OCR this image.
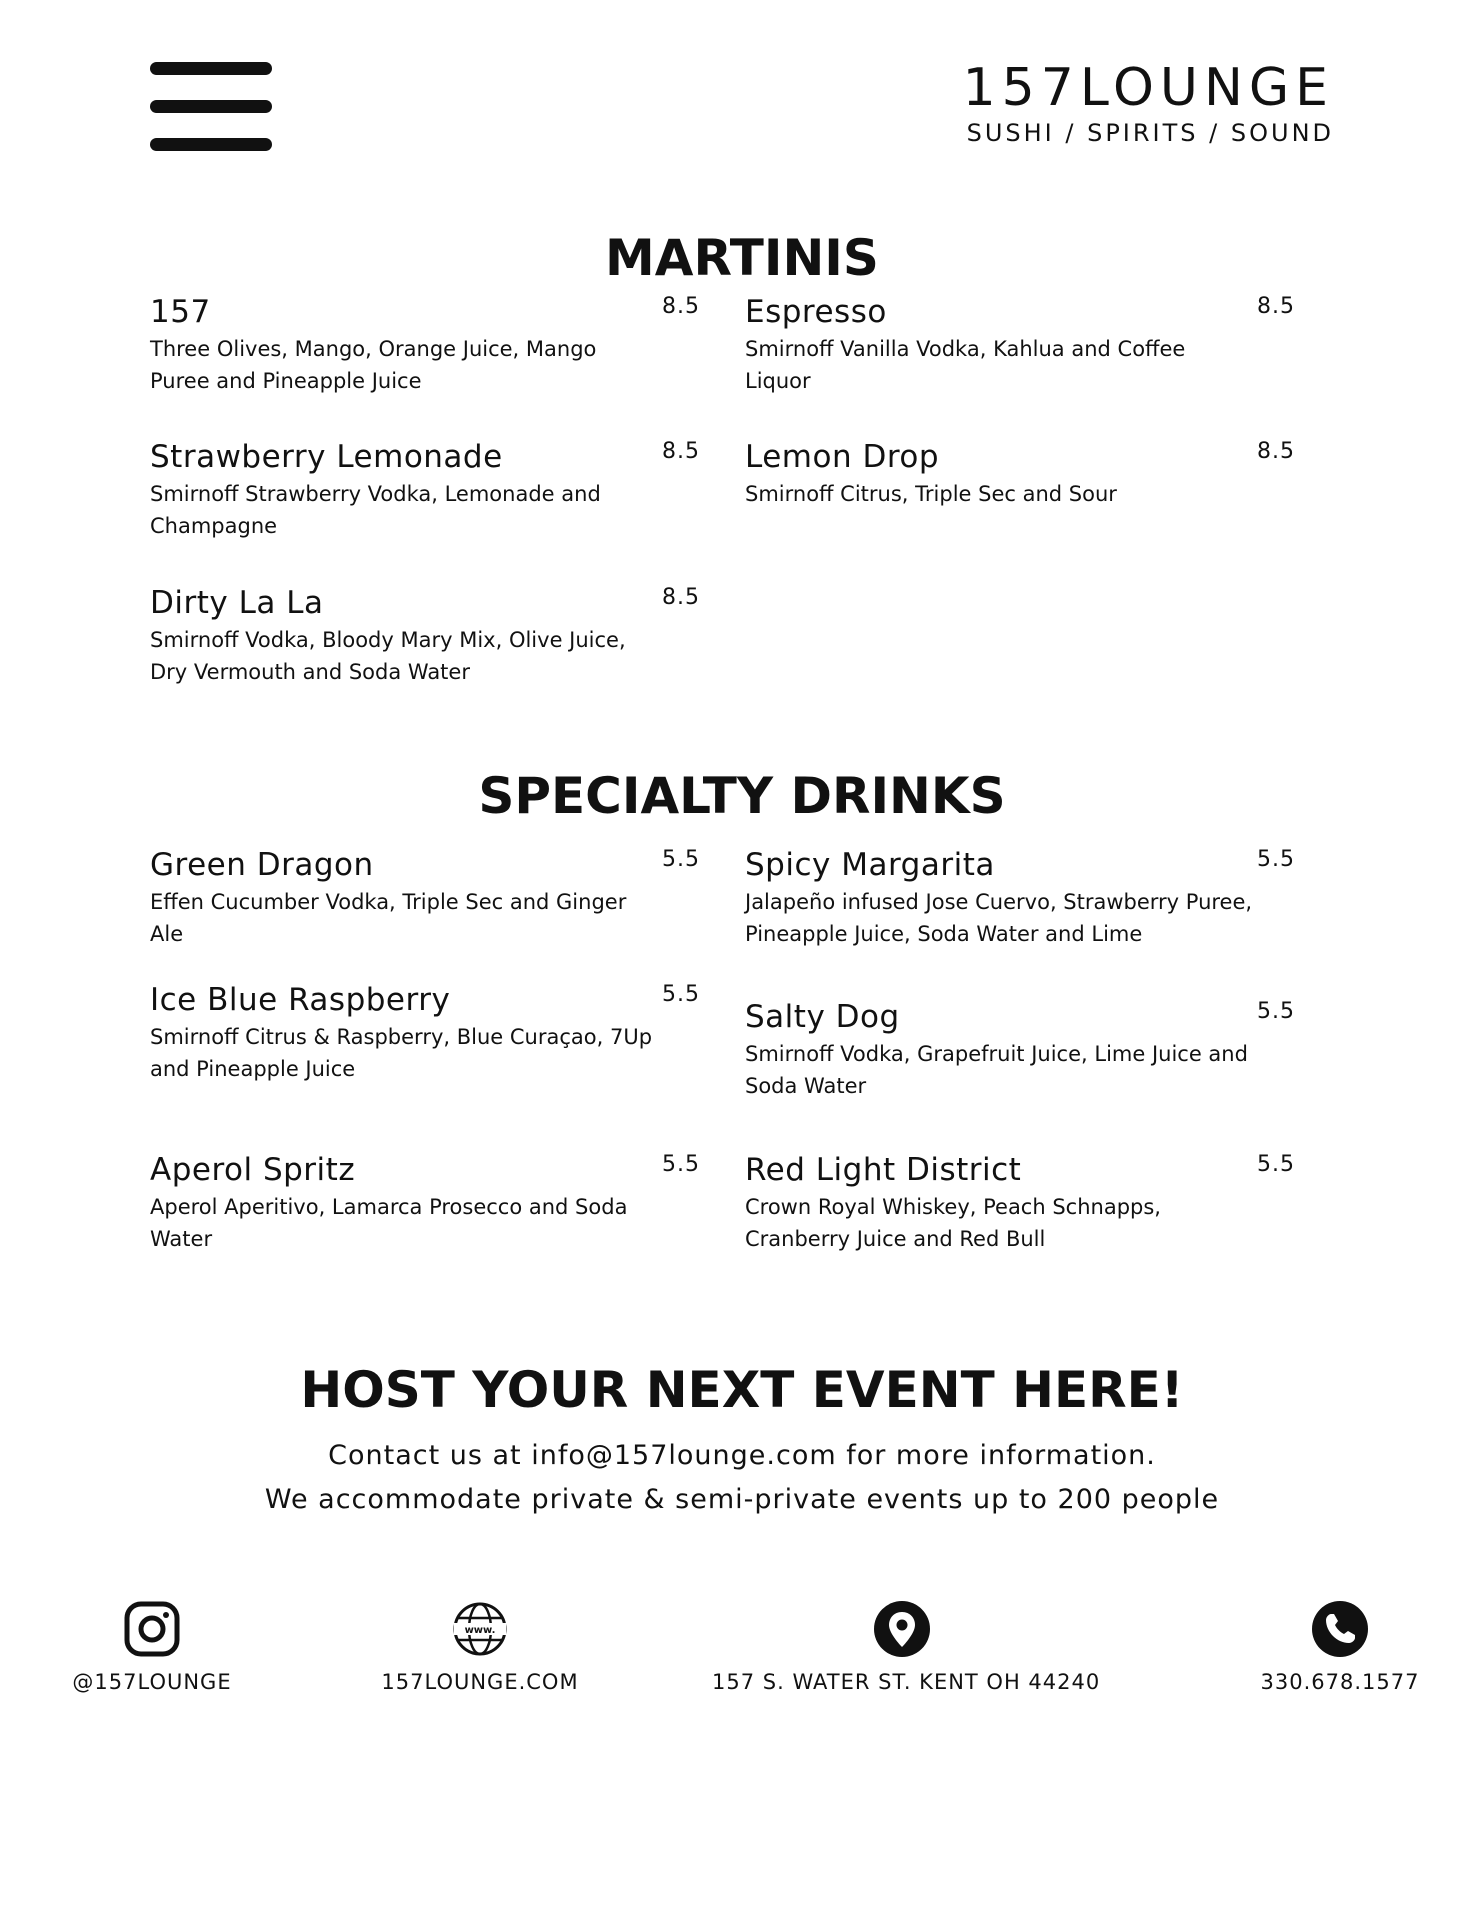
157LOUNGE
SUSHI / SPIRITS / SOUND
MARTINIS
157	8.5
Three Olives, Mango, Orange Juice, Mango Puree and Pineapple Juice
Espresso	8.5
Smirnoff Vanilla Vodka, Kahlua and Coffee Liquor
Strawberry Lemonade	8.5
Smirnoff Strawberry Vodka, Lemonade and Champagne
Lemon Drop	8.5
Smirnoff Citrus, Triple Sec and Sour
Dirty La La	8.5
Smirnoff Vodka, Bloody Mary Mix, Olive Juice, Dry Vermouth and Soda Water
SPECIALTY DRINKS
Green Dragon	5.5
Effen Cucumber Vodka, Triple Sec and Ginger Ale
Spicy Margarita	5.5
Jalapeño infused Jose Cuervo, Strawberry Puree, Pineapple Juice, Soda Water and Lime
Ice Blue Raspberry	5.5
Smirnoff Citrus & Raspberry, Blue Curaçao, 7Up and Pineapple Juice
Salty Dog	5.5
Smirnoff Vodka, Grapefruit Juice, Lime Juice and Soda Water
Aperol Spritz	5.5
Aperol Aperitivo, Lamarca Prosecco and Soda Water
Red Light District	5.5
Crown Royal Whiskey, Peach Schnapps, Cranberry Juice and Red Bull
HOST YOUR NEXT EVENT HERE!
Contact us at info@157lounge.com for more information.
We accommodate private & semi-private events up to 200 people
@157LOUNGE
www.
157LOUNGE.COM	157 S. WATER ST. KENT OH 44240	330.678.1577
